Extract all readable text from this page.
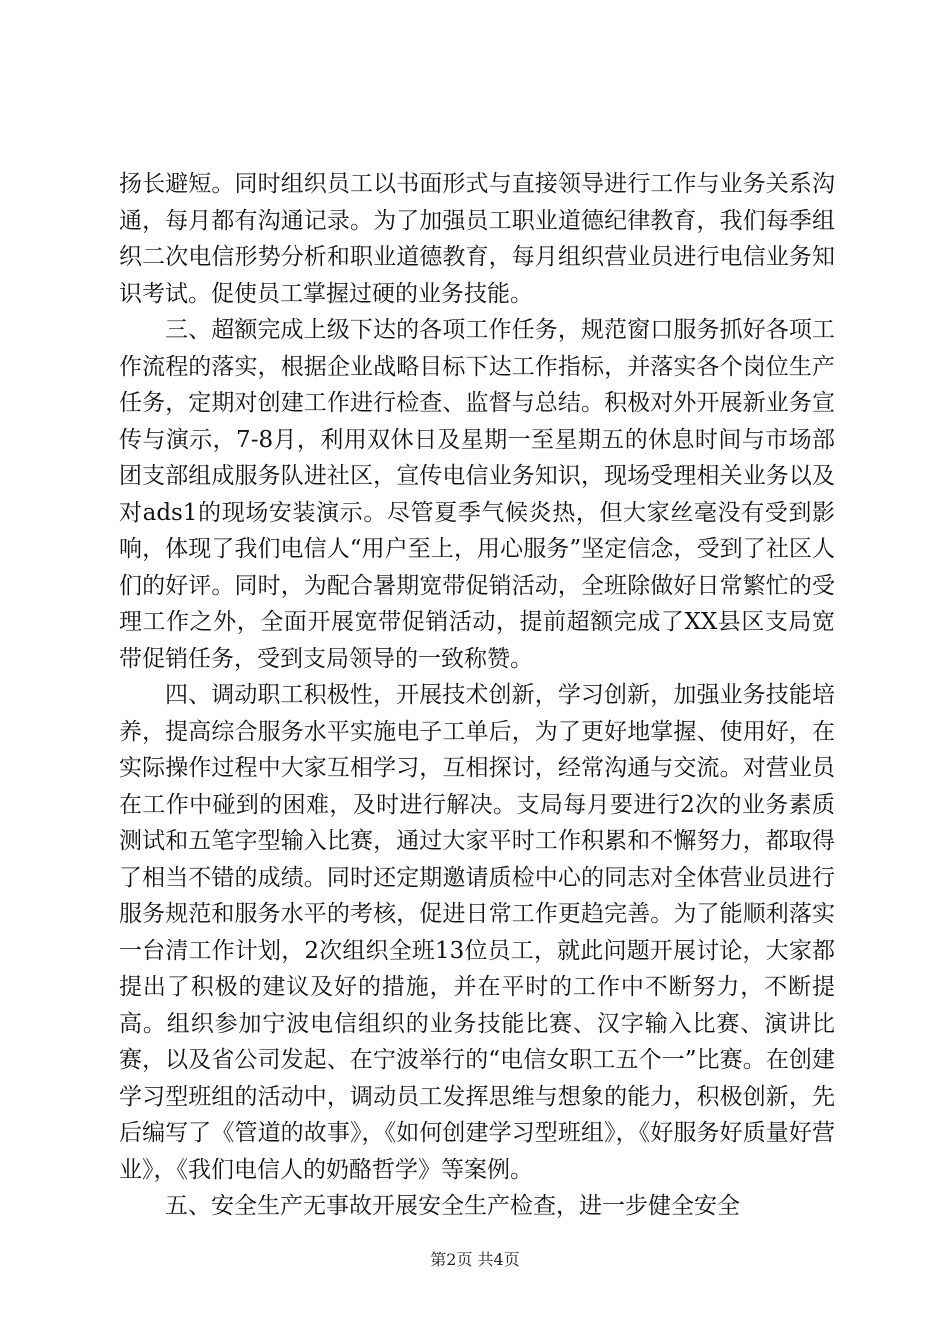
扬长避短。同时组织员工以书面形式与直接领导进行工作与业务关系沟通，每月都有沟通记录。为了加强员工职业道德纪律教育，我们每季组织二次电信形势分析和职业道德教育，每月组织营业员进行电信业务知识考试。促使员工掌握过硬的业务技能。

三、超额完成上级下达的各项工作任务，规范窗口服务抓好各项工作流程的落实，根据企业战略目标下达工作指标，并落实各个岗位生产任务，定期对创建工作进行检查、监督与总结。积极对外开展新业务宣传与演示，7-8月，利用双休日及星期一至星期五的休息时间与市场部团支部组成服务队进社区，宣传电信业务知识，现场受理相关业务以及对ads1的现场安装演示。尽管夏季气候炎热，但大家丝毫没有受到影响，体现了我们电信人“用户至上，用心服务”坚定信念，受到了社区人们的好评。同时，为配合暑期宽带促销活动，全班除做好日常繁忙的受理工作之外，全面开展宽带促销活动，提前超额完成了XX县区支局宽带促销任务，受到支局领导的一致称赞。

四、调动职工积极性，开展技术创新，学习创新，加强业务技能培养，提高综合服务水平实施电子工单后，为了更好地掌握、使用好，在实际操作过程中大家互相学习，互相探讨，经常沟通与交流。对营业员在工作中碰到的困难，及时进行解决。支局每月要进行2次的业务素质测试和五笔字型输入比赛，通过大家平时工作积累和不懈努力，都取得了相当不错的成绩。同时还定期邀请质检中心的同志对全体营业员进行服务规范和服务水平的考核，促进日常工作更趋完善。为了能顺利落实一台清工作计划，2次组织全班13位员工，就此问题开展讨论，大家都提出了积极的建议及好的措施，并在平时的工作中不断努力，不断提高。组织参加宁波电信组织的业务技能比赛、汉字输入比赛、演讲比赛，以及省公司发起、在宁波举行的“电信女职工五个一”比赛。在创建学习型班组的活动中，调动员工发挥思维与想象的能力，积极创新，先后编写了《管道的故事》，《如何创建学习型班组》，《好服务好质量好营业》，《我们电信人的奶酪哲学》等案例。

五、安全生产无事故开展安全生产检查，进一步健全安全

第2页 共4页
